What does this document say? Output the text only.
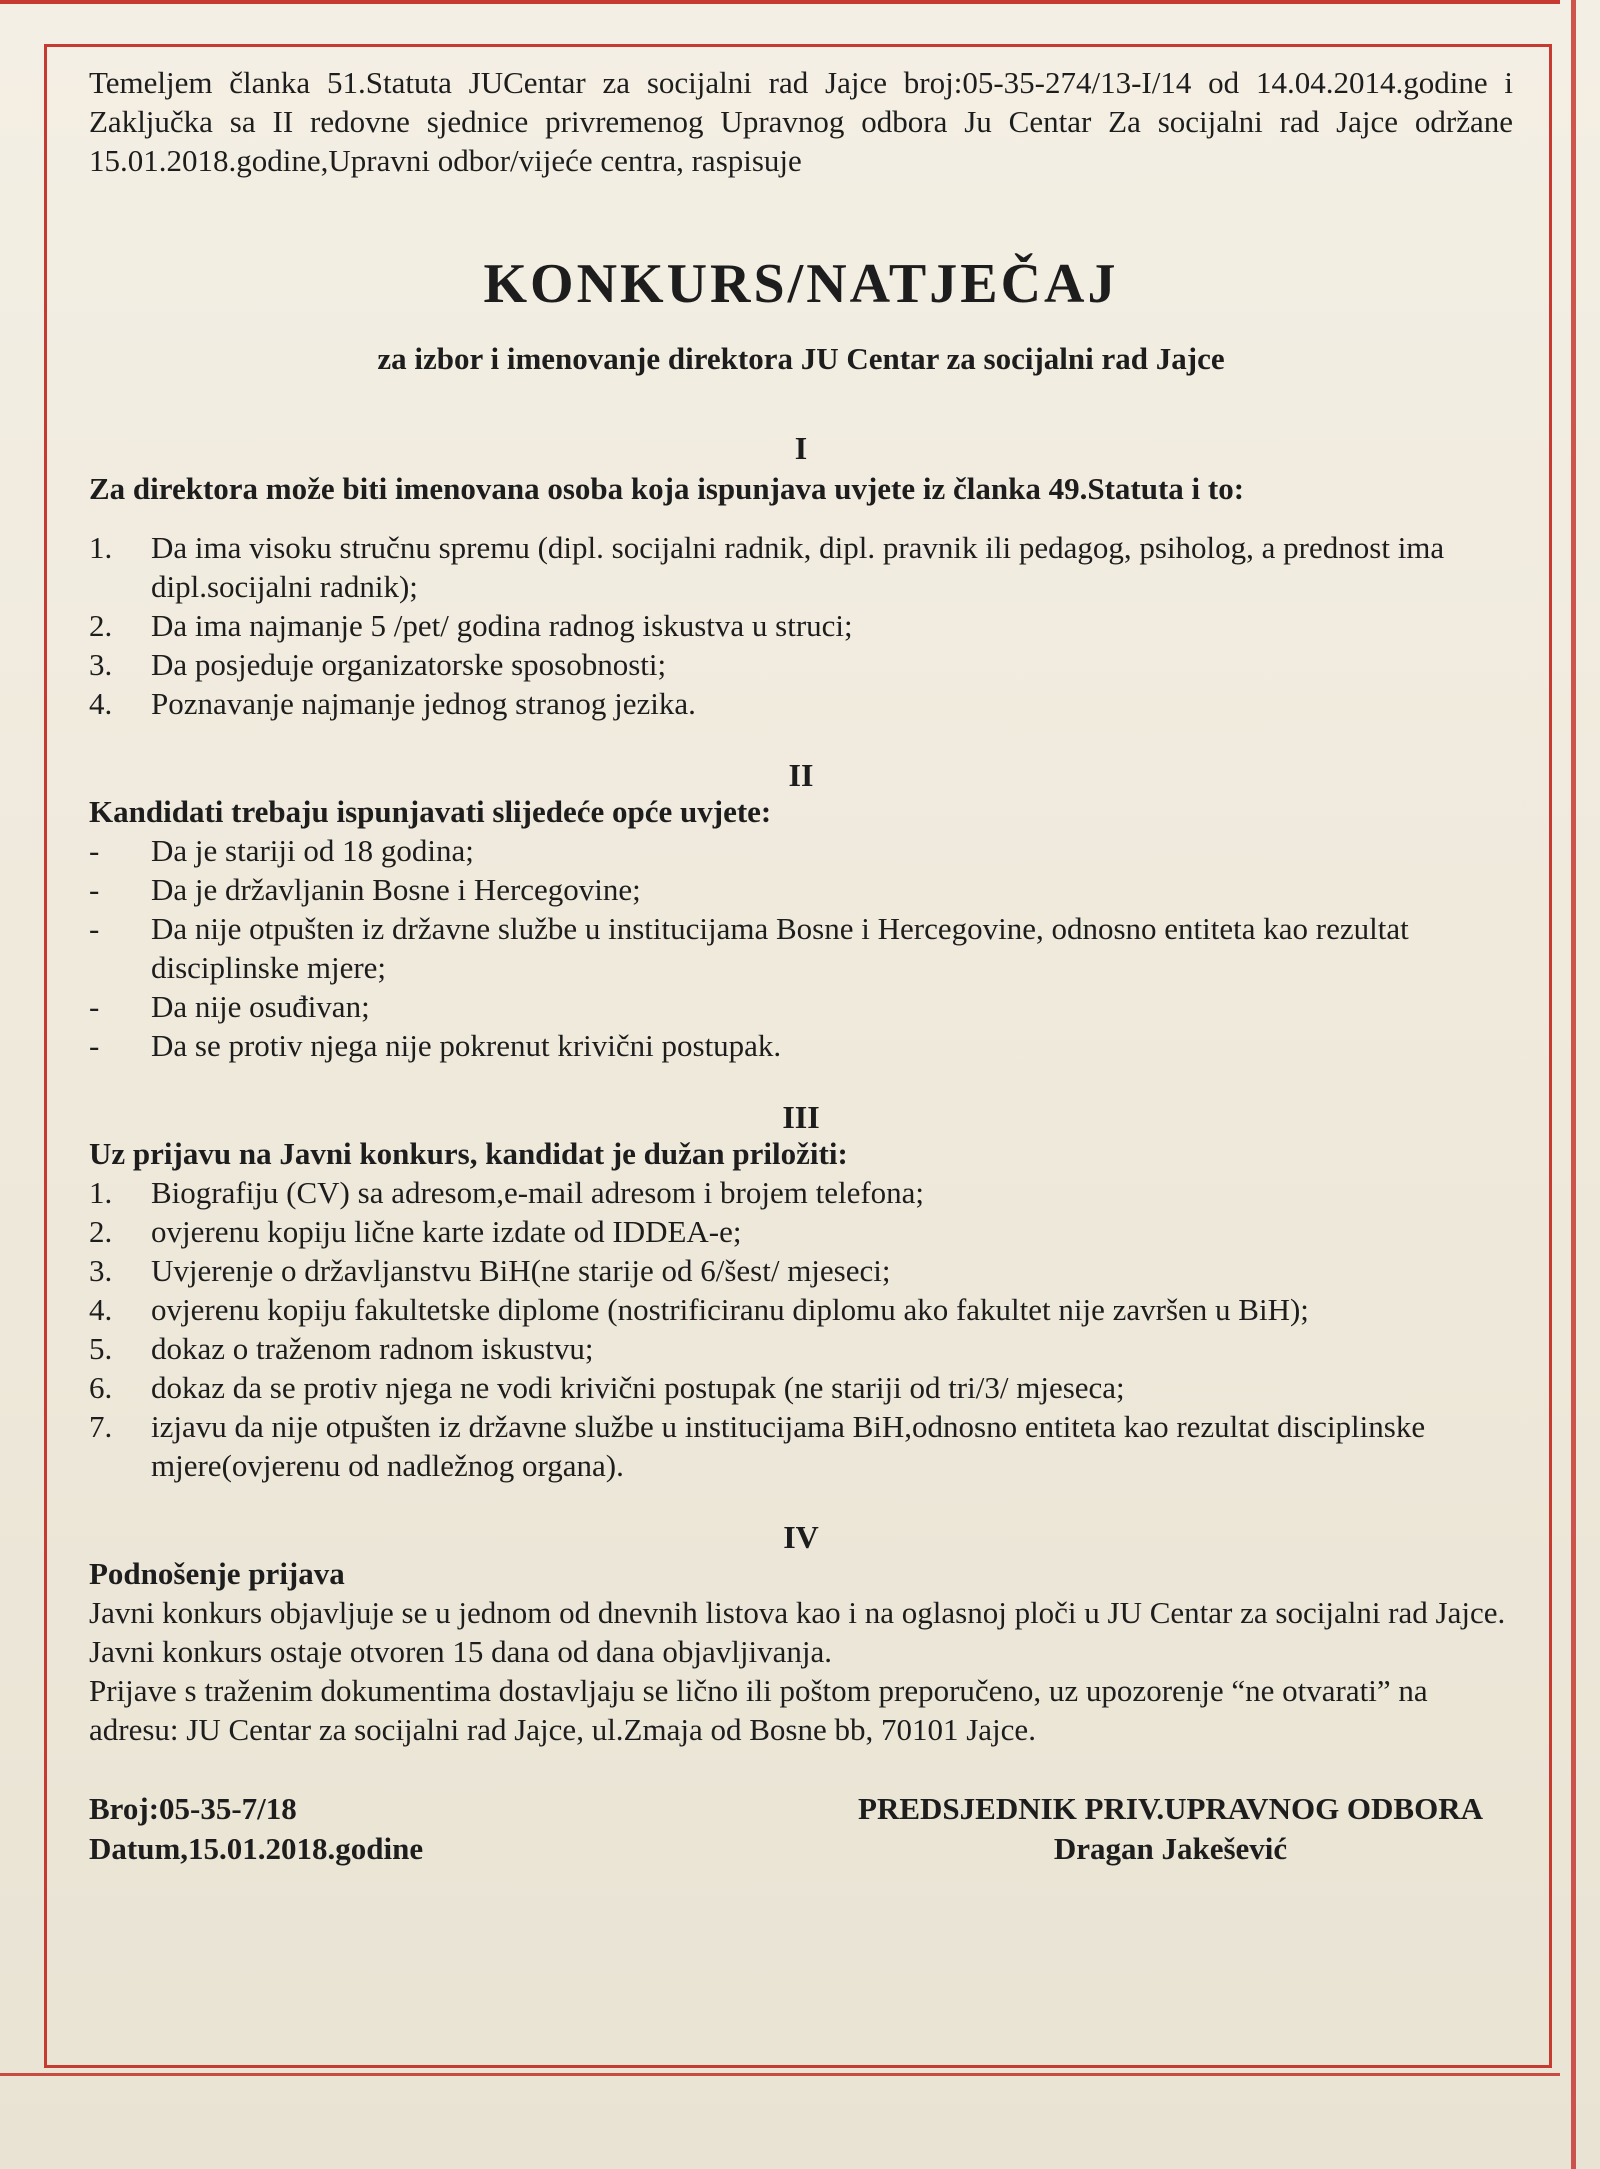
Temeljem članka 51.Statuta JUCentar za socijalni rad Jajce broj:05-35-274/13-I/14 od 14.04.2014.godine i Zaključka sa II redovne sjednice privremenog Upravnog odbora Ju Centar Za socijalni rad Jajce održane 15.01.2018.godine,Upravni odbor/vijeće centra, raspisuje

KONKURS/NATJEČAJ

za izbor i imenovanje direktora JU Centar za socijalni rad Jajce

I

Za direktora može biti imenovana osoba koja ispunjava uvjete iz članka 49.Statuta i to:

1. Da ima visoku stručnu spremu (dipl. socijalni radnik, dipl. pravnik ili pedagog, psiholog, a prednost ima dipl.socijalni radnik);
2. Da ima najmanje 5 /pet/ godina radnog iskustva u struci;
3. Da posjeduje organizatorske sposobnosti;
4. Poznavanje najmanje jednog stranog jezika.

II

Kandidati trebaju ispunjavati slijedeće opće uvjete:

- Da je stariji od 18 godina;
- Da je državljanin Bosne i Hercegovine;
- Da nije otpušten iz državne službe u institucijama Bosne i Hercegovine, odnosno entiteta kao rezultat disciplinske mjere;
- Da nije osuđivan;
- Da se protiv njega nije pokrenut krivični postupak.

III

Uz prijavu na Javni konkurs, kandidat je dužan priložiti:

1. Biografiju (CV) sa adresom,e-mail adresom i brojem telefona;
2. ovjerenu kopiju lične karte izdate od IDDEA-e;
3. Uvjerenje o državljanstvu BiH(ne starije od 6/šest/ mjeseci;
4. ovjerenu kopiju fakultetske diplome (nostrificiranu diplomu ako fakultet nije završen u BiH);
5. dokaz o traženom radnom iskustvu;
6. dokaz da se protiv njega ne vodi krivični postupak (ne stariji od tri/3/ mjeseca;
7. izjavu da nije otpušten iz državne službe u institucijama BiH,odnosno entiteta kao rezultat disciplinske mjere(ovjerenu od nadležnog organa).

IV

Podnošenje prijava

Javni konkurs objavljuje se u jednom od dnevnih listova kao i na oglasnoj ploči u JU Centar za socijalni rad Jajce.

Javni konkurs ostaje otvoren 15 dana od dana objavljivanja.

Prijave s traženim dokumentima dostavljaju se lično ili poštom preporučeno, uz upozorenje “ne otvarati” na adresu: JU Centar za socijalni rad Jajce, ul.Zmaja od Bosne bb, 70101 Jajce.

Broj:05-35-7/18
Datum,15.01.2018.godine
PREDSJEDNIK PRIV.UPRAVNOG ODBORA
Dragan Jakešević
